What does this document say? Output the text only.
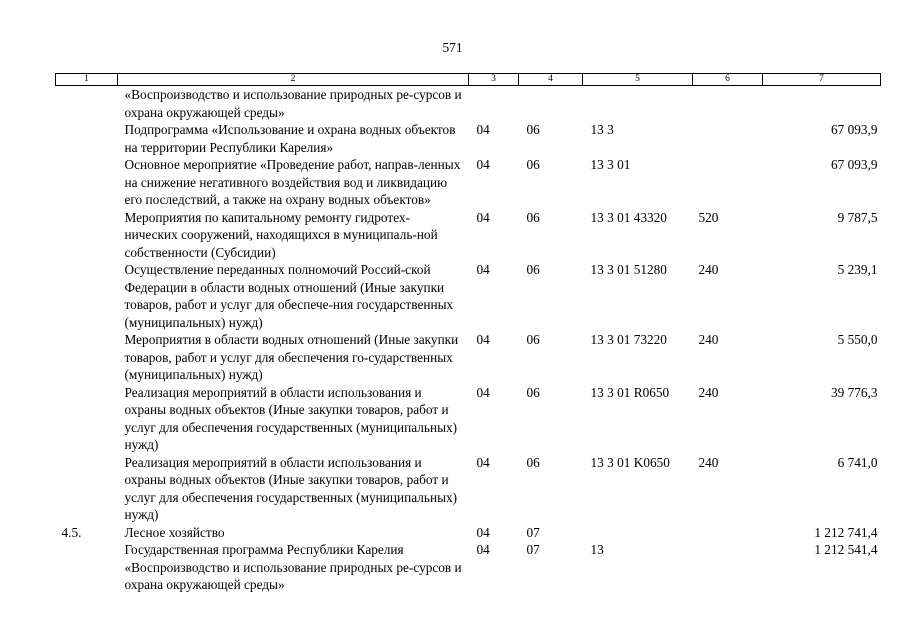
571
1	2	3	4	5	6	7
	«Воспроизводство и использование природных ре-сурсов и охрана окружающей среды»					
	Подпрограмма «Использование и охрана водных объектов на территории Республики Карелия»	04	06	13 3		67 093,9
	Основное мероприятие «Проведение работ, направ-ленных на снижение негативного воздействия вод и ликвидацию его последствий, а также на охрану водных объектов»	04	06	13 3 01		67 093,9
	Мероприятия по капитальному ремонту гидротех-нических сооружений, находящихся в муниципаль-ной собственности (Субсидии)	04	06	13 3 01 43320	520	9 787,5
	Осуществление переданных полномочий Россий-ской Федерации в области водных отношений (Иные закупки товаров, работ и услуг для обеспече-ния государственных (муниципальных) нужд)	04	06	13 3 01 51280	240	5 239,1
	Мероприятия в области водных отношений (Иные закупки товаров, работ и услуг для обеспечения го-сударственных (муниципальных) нужд)	04	06	13 3 01 73220	240	5 550,0
	Реализация мероприятий в области использования и охраны водных объектов (Иные закупки товаров, работ и услуг для обеспечения государственных (муниципальных) нужд)	04	06	13 3 01 R0650	240	39 776,3
	Реализация мероприятий в области использования и охраны водных объектов (Иные закупки товаров, работ и услуг для обеспечения государственных (муниципальных) нужд)	04	06	13 3 01 K0650	240	6 741,0
4.5.	Лесное хозяйство	04	07			1 212 741,4
	Государственная программа Республики Карелия «Воспроизводство и использование природных ре-сурсов и охрана окружающей среды»	04	07	13		1 212 541,4
